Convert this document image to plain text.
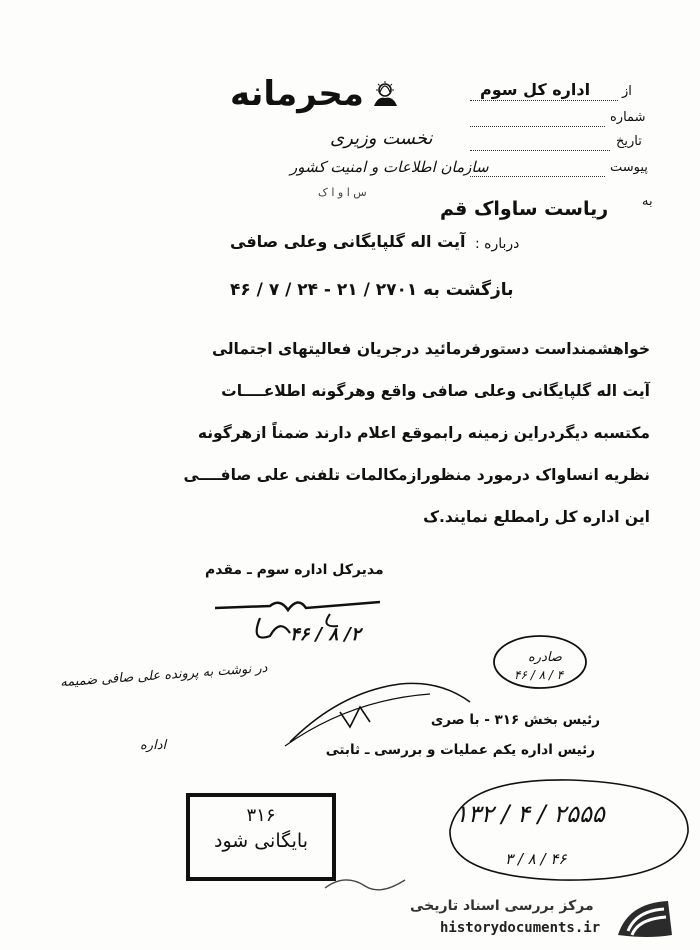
محرمانه
نخست وزیری
سازمان اطلاعات و امنیت کشور
س ا و ا ک
از
اداره کل سوم
شماره
تاریخ
پیوست
به
ریاست ساواک قم
درباره :
آیت اله گلپایگانی وعلی صافی
بازگشت به ۲۷۰۱ / ۲۱ - ۲۴ / ۷ / ۴۶
خواهشمنداست دستورفرمائید درجریان فعالیتهای اجتمالی
آیت اله گلپایگانی وعلی صافی واقع وهرگونه اطلاعــــات
مکتسبه دیگردراین زمینه رابموقع اعلام دارند ضمناً ازهرگونه
نظریه انساواک درمورد منظورازمکالمات تلفنی علی صافــــی
این اداره کل رامطلع نمایند.ک
مدیرکل اداره سوم ـ مقدم
۲/ ۸ / ۴۶
در نوشت به پرونده علی صافی ضمیمه
اداره
صادره
۴ / ۸ / ۴۶
رئیس بخش ۳۱۶ - با صری
رئیس اداره یکم عملیات و بررسی ـ ثابتی
۲۵۵۵ / ۴ / ۱۳۲
۴۶ / ۸ / ۳
۳۱۶
بایگانی شود
مرکز بررسی اسناد تاریخی
historydocuments.ir
